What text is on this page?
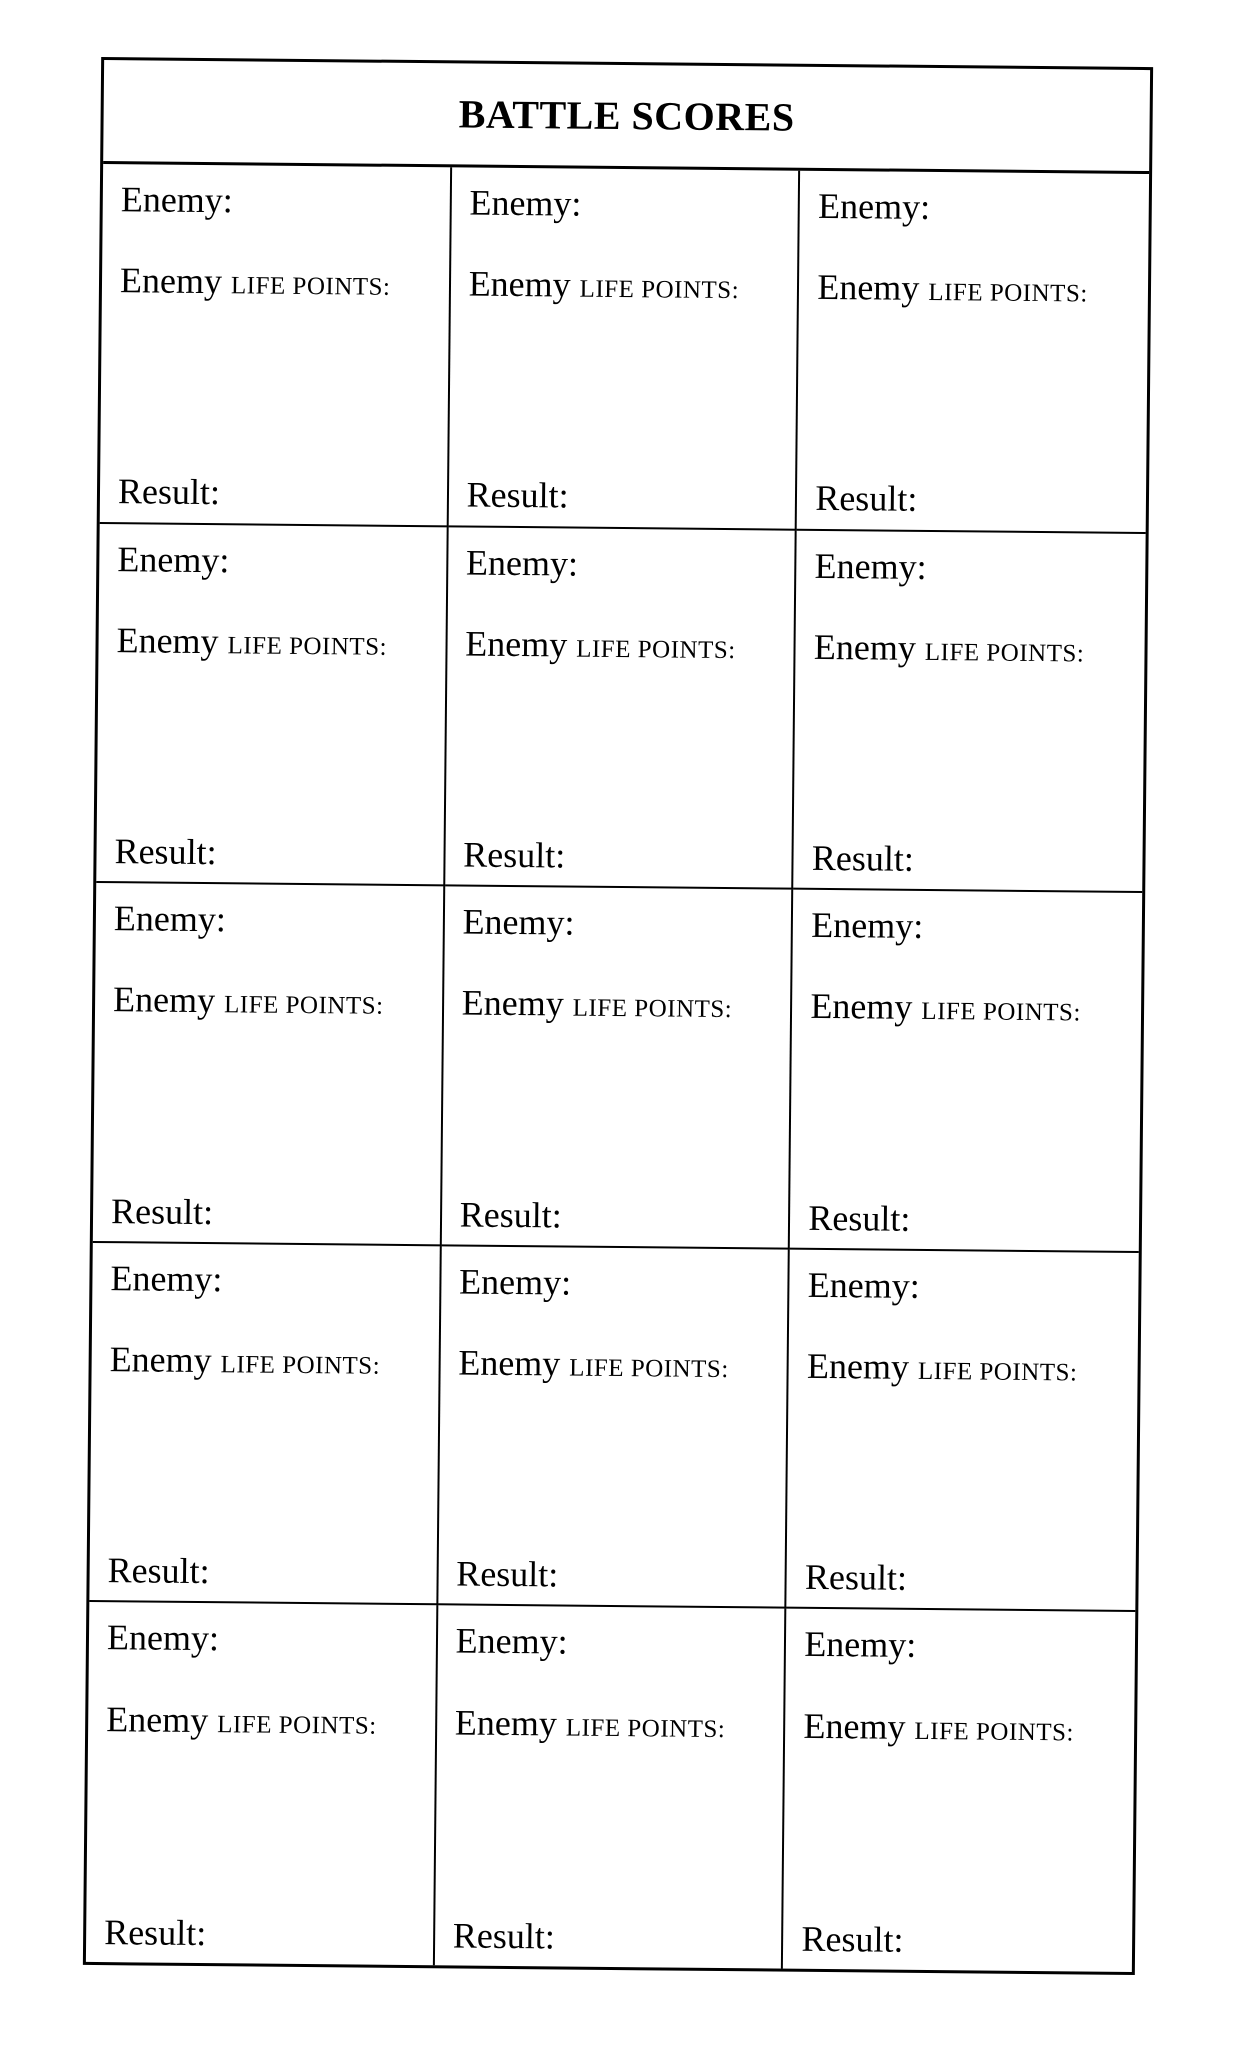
BATTLE SCORES
Enemy:
Enemy LIFE POINTS:
Result:
Enemy:
Enemy LIFE POINTS:
Result:
Enemy:
Enemy LIFE POINTS:
Result:
Enemy:
Enemy LIFE POINTS:
Result:
Enemy:
Enemy LIFE POINTS:
Result:
Enemy:
Enemy LIFE POINTS:
Result:
Enemy:
Enemy LIFE POINTS:
Result:
Enemy:
Enemy LIFE POINTS:
Result:
Enemy:
Enemy LIFE POINTS:
Result:
Enemy:
Enemy LIFE POINTS:
Result:
Enemy:
Enemy LIFE POINTS:
Result:
Enemy:
Enemy LIFE POINTS:
Result:
Enemy:
Enemy LIFE POINTS:
Result:
Enemy:
Enemy LIFE POINTS:
Result:
Enemy:
Enemy LIFE POINTS:
Result:
